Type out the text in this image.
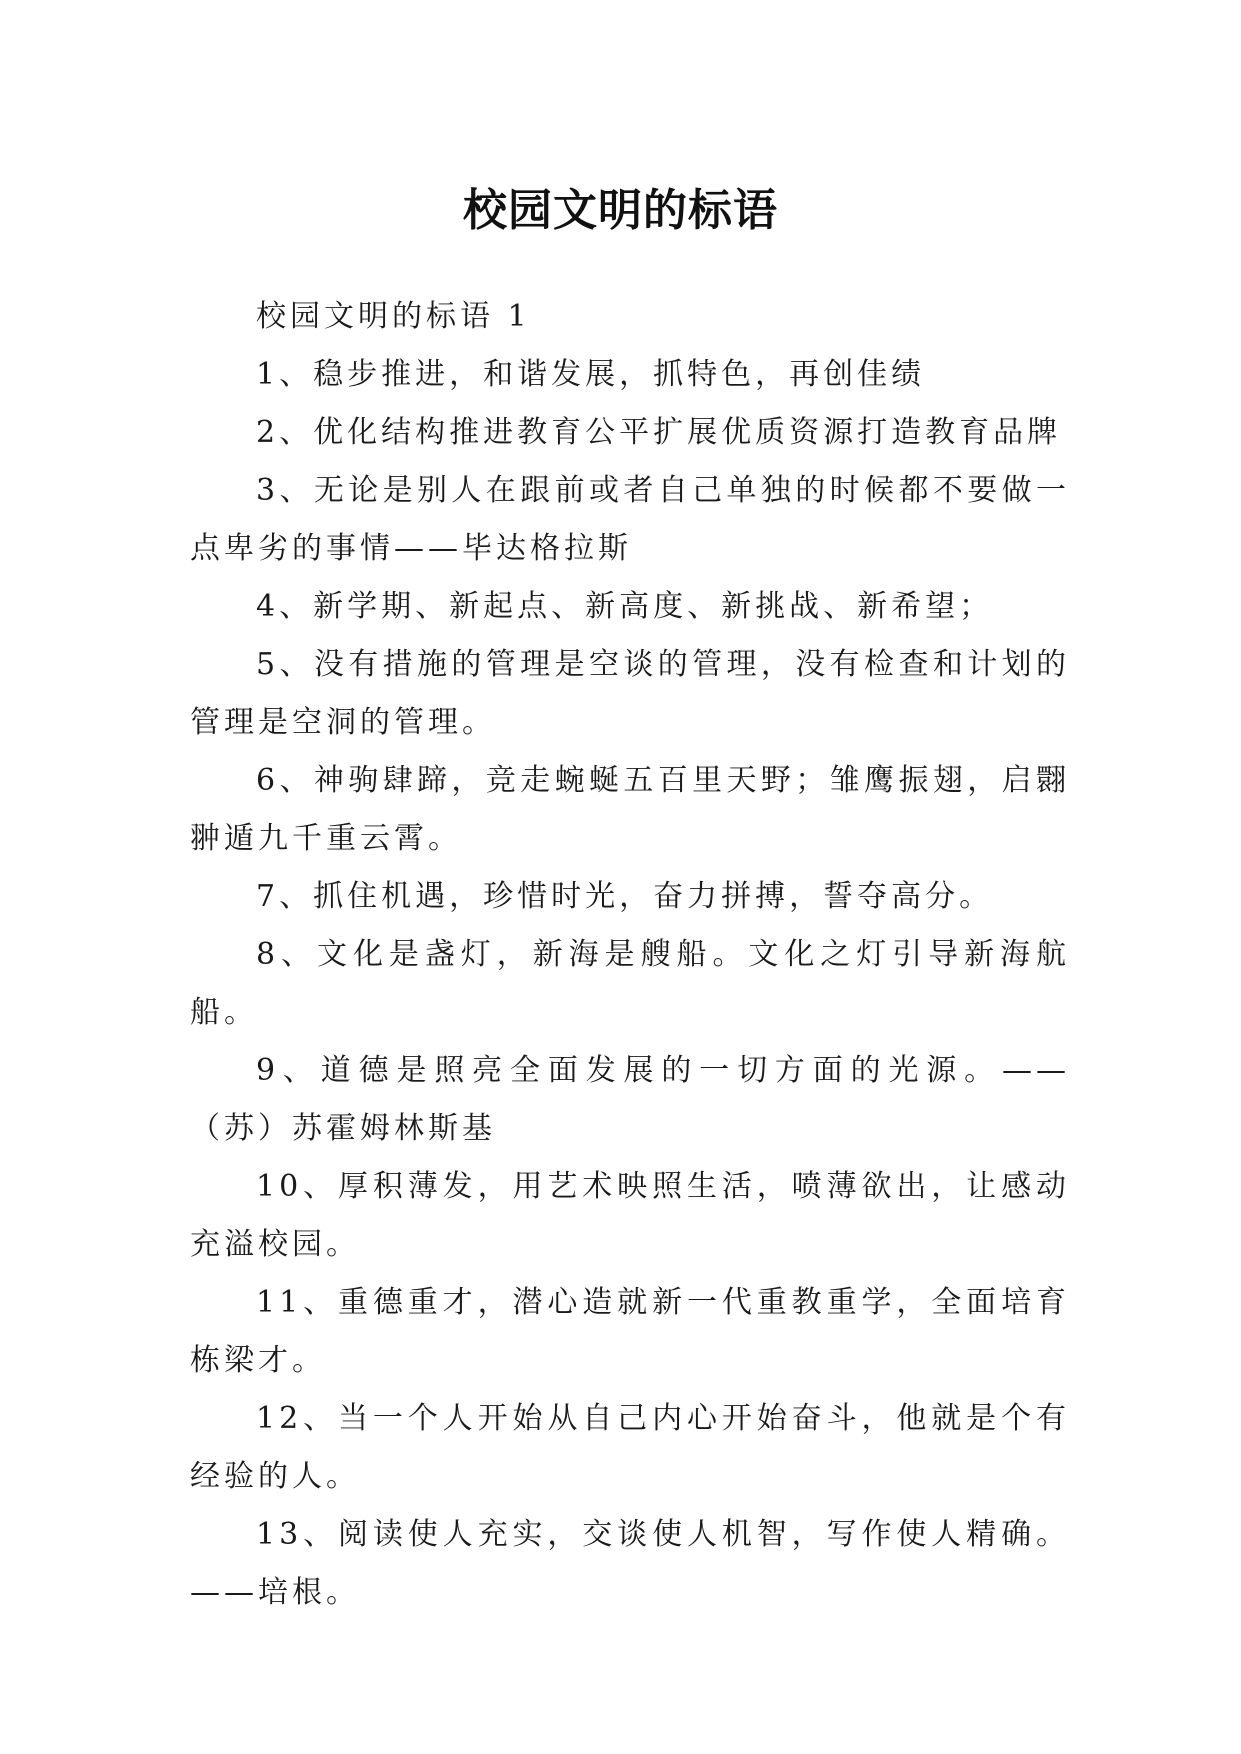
校园文明的标语

校园文明的标语 1

1、稳步推进，和谐发展，抓特色，再创佳绩

2、优化结构推进教育公平扩展优质资源打造教育品牌

3、无论是别人在跟前或者自己单独的时候都不要做一点卑劣的事情——毕达格拉斯

4、新学期、新起点、新高度、新挑战、新希望；

5、没有措施的管理是空谈的管理，没有检查和计划的管理是空洞的管理。

6、神驹肆蹄，竞走蜿蜒五百里天野；雏鹰振翅，启翾翀遁九千重云霄。

7、抓住机遇，珍惜时光，奋力拼搏，誓夺高分。

8、文化是盏灯，新海是艘船。文化之灯引导新海航船。

9、道德是照亮全面发展的一切方面的光源。——（苏）苏霍姆林斯基

10、厚积薄发，用艺术映照生活，喷薄欲出，让感动充溢校园。

11、重德重才，潜心造就新一代重教重学，全面培育栋梁才。

12、当一个人开始从自己内心开始奋斗，他就是个有经验的人。

13、阅读使人充实，交谈使人机智，写作使人精确。——培根。
